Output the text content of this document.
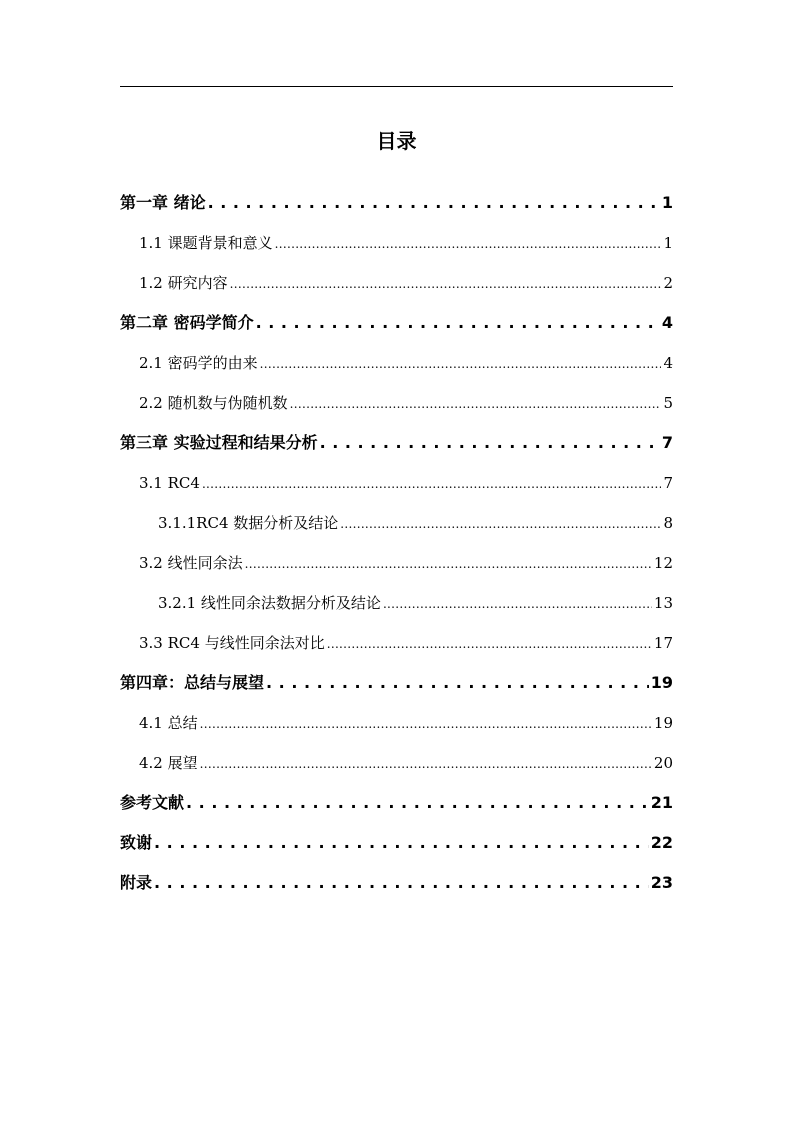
目录
第一章 绪论 . . .	1
1.1 课题背景和意义 .....	1
1.2 研究内容 .....	2
第二章 密码学简介 . . .	4
2.1 密码学的由来 .....	4
2.2 随机数与伪随机数 .....	5
第三章 实验过程和结果分析 . . .	7
3.1 RC4 .....	7
3.1.1RC4 数据分析及结论 .....	8
3.2 线性同余法 .....	12
3.2.1 线性同余法数据分析及结论 .....	13
3.3 RC4 与线性同余法对比 .....	17
第四章：总结与展望 . . .	19
4.1 总结 .....	19
4.2 展望 .....	20
参考文献 . . .	21
致谢 . . .	22
附录 . . .	23
